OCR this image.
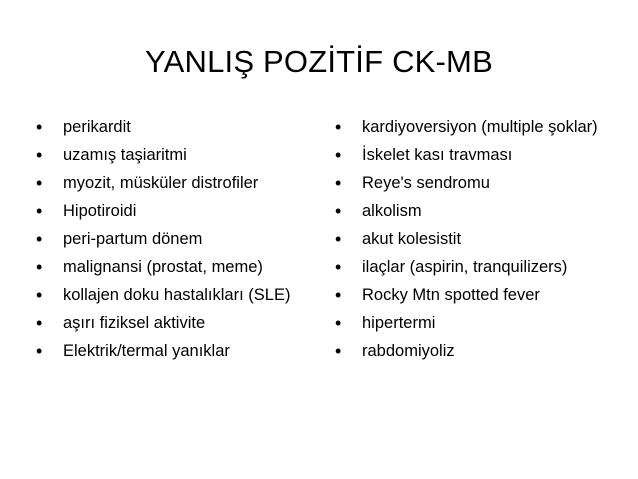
YANLIŞ POZİTİF CK-MB
• perikardit
• uzamış taşiaritmi
• myozit, müsküler distrofiler
• Hipotiroidi
• peri-partum dönem
• malignansi (prostat, meme)
• kollajen doku hastalıkları (SLE)
• aşırı fiziksel aktivite
• Elektrik/termal yanıklar
• kardiyoversiyon (multiple şoklar)
• İskelet kası travması
• Reye's sendromu
• alkolism
• akut kolesistit
• ilaçlar (aspirin, tranquilizers)
• Rocky Mtn spotted fever
• hipertermi
• rabdomiyoliz
